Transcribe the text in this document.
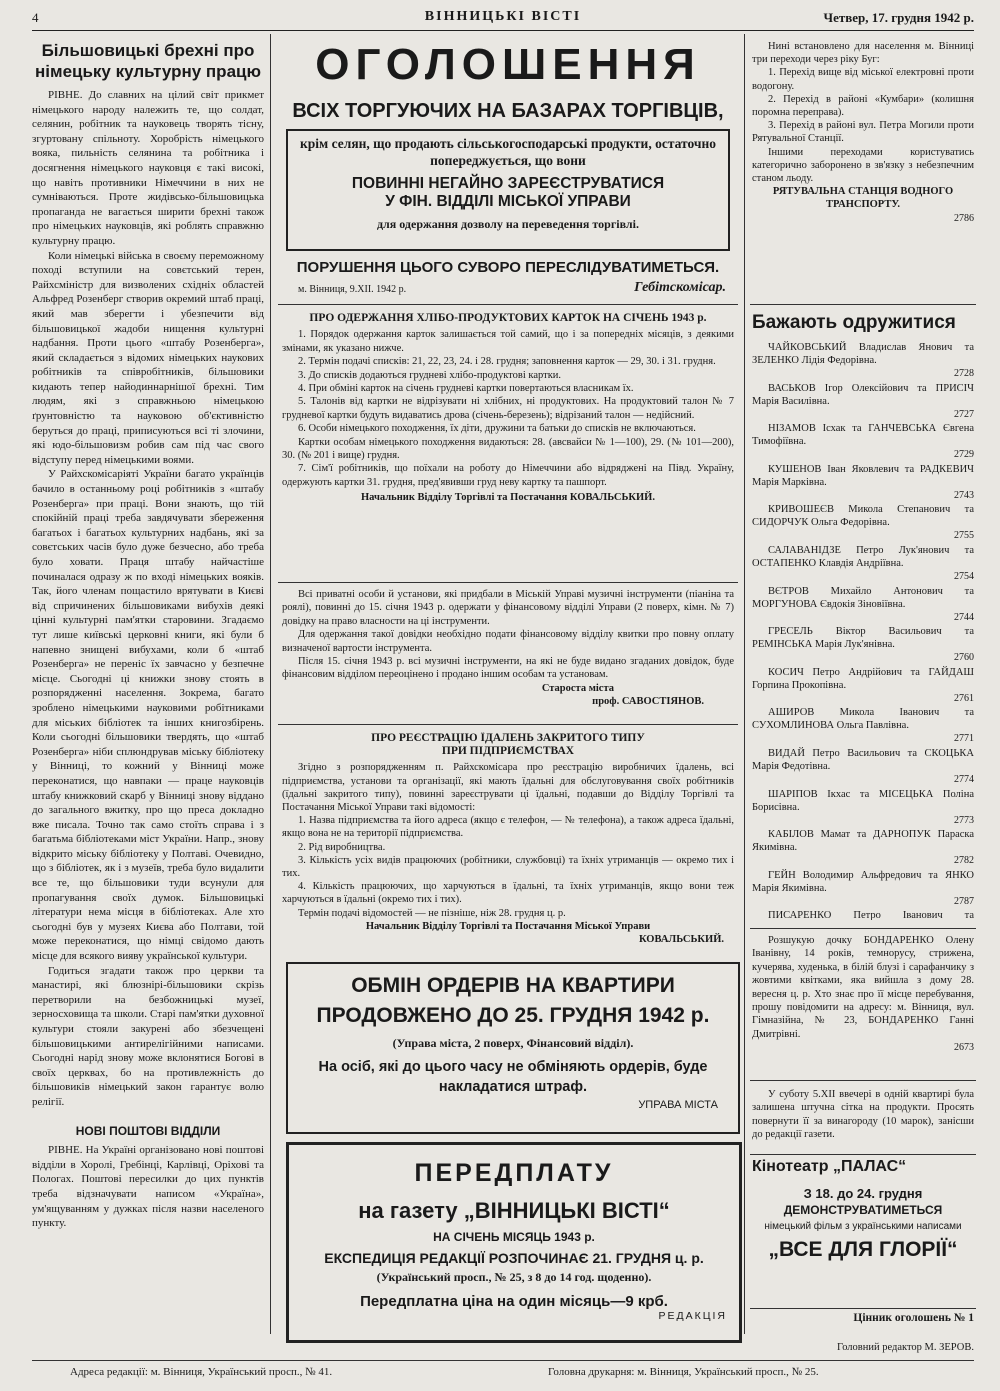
4	ВІННИЦЬКІ ВІСТІ	Четвер, 17. грудня 1942 р.
Більшовицькі брехні про німецьку культурну працю

РІВНЕ. До славних на цілий світ прикмет німецького народу належить те, що солдат, селянин, робітник та науковець творять тісну, згуртовану спільноту. Хоробрість німецького вояка, пильність селянина та робітника і досягнення німецького науковця є такі високі, що навіть противники Німеччини в них не сумніваються. Проте жидівсько-більшовицька пропаганда не вагається ширити брехні також про німецьких науковців, які роблять справжню культурну працю.

Коли німецькі війська в своєму переможному поході вступили на совєтський терен, Райхсміністр для визволених східніх областей Альфред Розенберг створив окремий штаб праці, який мав зберегти і убезпечити від більшовицької жадоби нищення культурні надбання. Проти цього «штабу Розенберга», який складається з відомих німецьких наукових робітників та співробітників, більшовики кидають тепер найодиннарнішої брехні. Тим людям, які з справжньою німецькою ґрунтовністю та науковою об'єктивністю беруться до праці, приписуються всі ті злочини, які юдо-більшовизм робив сам під час свого відступу перед німецькими воями.

У Райхскомісаріяті України багато українців бачило в останньому році робітників з «штабу Розенберга» при праці. Вони знають, що тій спокійній праці треба завдячувати збереження багатьох і багатьох культурних надбань, які за совєтських часів було дуже безчесно, або треба було ховати. Праця штабу найчастіше починалася одразу ж по вході німецьких вояків. Так, його членам пощастило врятувати в Києві від спричинених більшовиками вибухів деякі цінні культурні пам'ятки старовини. Згадаємо тут лише київські церковні книги, які були б напевно знищені вибухами, коли б «штаб Розенберга» не переніс їх завчасно у безпечне місце. Сьогодні ці книжки знову стоять в розпорядженні населення. Зокрема, багато зроблено німецькими науковими робітниками для міських бібліотек та інших книгозбірень. Коли сьогодні більшовики твердять, що «штаб Розенберга» ніби сплюндрував міську бібліотеку у Вінниці, то кожний у Вінниці може переконатися, що навпаки — праце науковців штабу книжковий скарб у Вінниці знову віддано до загального вжитку, про що преса докладно вже писала. Точно так само стоїть справа і з багатьма бібліотеками міст України. Напр., знову відкрито міську бібліотеку у Полтаві. Очевидно, що з бібліотек, як і з музеїв, треба було видалити все те, що більшовики туди всунули для пропагування своїх думок. Більшовицькі літератури нема місця в бібліотеках. Але хто сьогодні був у музеях Києва або Полтави, той може переконатися, що німці свідомо дають місце для всякого вияву української культури.

Годиться згадати також про церкви та манастирі, які блюзнірі-більшовики скрізь перетворили на безбожницькі музеї, зерносховища та школи. Старі пам'ятки духовної культури стояли закурені або збезчещені більшовицькими антирелігійними написами. Сьогодні нарід знову може вклонятися Богові в своїх церквах, бо на противлежність до більшовиків німецький закон гарантує волю релігії.

НОВІ ПОШТОВІ ВІДДІЛИ

РІВНЕ. На Україні організовано нові поштові відділи в Хоролі, Гребінці, Карлівці, Оріхові та Пологах. Поштові пересилки до цих пунктів треба відзначувати написом «Україна», ум'ящуванням у дужках після назви населеного пункту.

ОГОЛОШЕННЯ
ВСІХ ТОРГУЮЧИХ НА БАЗАРАХ ТОРГІВЦІВ,
крім селян, що продають сільськогосподарські продукти, остаточно попереджується, що вони
ПОВИННІ НЕГАЙНО ЗАРЕЄСТРУВАТИСЯ
У ФІН. ВІДДІЛІ МІСЬКОЇ УПРАВИ
для одержання дозволу на переведення торгівлі.
ПОРУШЕННЯ ЦЬОГО СУВОРО ПЕРЕСЛІДУВАТИМЕТЬСЯ.
м. Вінниця, 9.XII. 1942 р.	Гебітскомісар.
ПРО ОДЕРЖАННЯ ХЛІБО-ПРОДУКТОВИХ КАРТОК НА СІЧЕНЬ 1943 р.

1. Порядок одержання карток залишається той самий, що і за попередніх місяців, з деякими змінами, як указано нижче.

2. Термін подачі списків: 21, 22, 23, 24. і 28. грудня; заповнення карток — 29, 30. і 31. грудня.

3. До списків додаються грудневі хлібо-продуктові картки.

4. При обміні карток на січень грудневі картки повертаються власникам їх.

5. Талонів від картки не відрізувати ні хлібних, ні продуктових. На продуктовий талон № 7 грудневої картки будуть видаватись дрова (січень-березень); відрізаний талон — недійсний.

6. Особи німецького походження, їх діти, дружини та батьки до списків не включаються.

Картки особам німецького походження видаються: 28. (авсвайси № 1—100), 29. (№ 101—200), 30. (№ 201 і вище) грудня.

7. Сім'ї робітників, що поїхали на роботу до Німеччини або відряджені на Півд. Україну, одержують картки 31. грудня, пред'явивши груд неву картку та пашпорт.

Начальник Відділу Торгівлі та Постачання КОВАЛЬСЬКИЙ.

Всі приватні особи й установи, які придбали в Міській Управі музичні інструменти (піаніна та роялі), повинні до 15. січня 1943 р. одержати у фінансовому відділі Управи (2 поверх, кімн. № 7) довідку на право власности на ці інструменти.

Для одержання такої довідки необхідно подати фінансовому відділу квитки про повну оплату визначеної вартости інструмента.

Після 15. січня 1943 р. всі музичні інструменти, на які не буде видано згаданих довідок, буде фінансовим відділом переоцінено і продано іншим особам та установам.

Староста міста
проф. САВОСТІЯНОВ.
ПРО РЕЄСТРАЦІЮ ЇДАЛЕНЬ ЗАКРИТОГО ТИПУ ПРИ ПІДПРИЄМСТВАХ

Згідно з розпорядженням п. Райхскомісара про реєстрацію виробничих їдалень, всі підприємства, установи та організації, які мають їдальні для обслуговування своїх робітників (їдальні закритого типу), повинні зареєструвати ці їдальні, подавши до Відділу Торгівлі та Постачання Міської Управи такі відомості:

1. Назва підприємства та його адреса (якщо є телефон, — № телефона), а також адреса їдальні, якщо вона не на території підприємства.

2. Рід виробництва.

3. Кількість усіх видів працюючих (робітники, службовці) та їхніх утриманців — окремо тих і тих.

4. Кількість працюючих, що харчуються в їдальні, та їхніх утриманців, якщо вони теж харчуються в їдальні (окремо тих і тих).

Термін подачі відомостей — не пізніше, ніж 28. грудня ц. р.

Начальник Відділу Торгівлі та Постачання Міської Управи
КОВАЛЬСЬКИЙ.
ОБМІН ОРДЕРІВ НА КВАРТИРИ
ПРОДОВЖЕНО ДО 25. ГРУДНЯ 1942 р.
(Управа міста, 2 поверх, Фінансовий відділ).
На осіб, які до цього часу не обміняють ордерів, буде накладатися штраф.
УПРАВА МІСТА
ПЕРЕДПЛАТУ
на газету „ВІННИЦЬКІ ВІСТІ“
НА СІЧЕНЬ МІСЯЦЬ 1943 р.
ЕКСПЕДИЦІЯ РЕДАКЦІЇ РОЗПОЧИНАЄ 21. ГРУДНЯ ц. р.
(Український просп., № 25, з 8 до 14 год. щоденно).
Передплатна ціна на один місяць—9 крб.
РЕДАКЦІЯ

Нині встановлено для населення м. Вінниці три переходи через ріку Буг:

1. Перехід вище від міської електровні проти водогону.

2. Перехід в районі «Кумбари» (колишня поромна переправа).

3. Перехід в районі вул. Петра Могили проти Рятувальної Станції.

Іншими переходами користуватись категорично заборонено в зв'язку з небезпечним станом льоду.

РЯТУВАЛЬНА СТАНЦІЯ ВОДНОГО ТРАНСПОРТУ.
2786
Бажають одружитися

ЧАЙКОВСЬКИЙ Владислав Янович та ЗЕЛЕНКО Лідія Федорівна.

2728

ВАСЬКОВ Ігор Олексійович та ПРИСІЧ Марія Василівна.

2727

НІЗАМОВ Ісхак та ГАНЧЕВСЬКА Євгена Тимофіївна.

2729

КУШЕНОВ Іван Яковлевич та РАДКЕВИЧ Марія Марківна.

2743

КРИВОШЕЄВ Микола Степанович та СИДОРЧУК Ольга Федорівна.

2755

САЛАВАНІДЗЕ Петро Лук'янович та ОСТАПЕНКО Клавдія Андріївна.

2754

ВЄТРОВ Михайло Антонович та МОРГУНОВА Євдокія Зіновіївна.

2744

ГРЕСЕЛЬ Віктор Васильович та РЕМІНСЬКА Марія Лук'янівна.

2760

КОСИЧ Петро Андрійович та ГАЙДАШ Горпина Прокопівна.

2761

АШИРОВ Микола Іванович та СУХОМЛИНОВА Ольга Павлівна.

2771

ВИДАЙ Петро Васильович та СКОЦЬКА Марія Федотівна.

2774

ШАРІПОВ Ікхас та МІСЕЦЬКА Поліна Борисівна.

2773

КАБІЛОВ Мамат та ДАРНОПУК Параска Якимівна.

2782

ГЕЙН Володимир Альфредович та ЯНКО Марія Якимівна.

2787

ПИСАРЕНКО Петро Іванович та

Розшукую дочку БОНДАРЕНКО Олену Іванівну, 14 років, темнорусу, стрижена, кучерява, худенька, в білій блузі і сарафанчику з жовтими квітками, яка вийшла з дому 28. вересня ц. р. Хто знає про її місце перебування, прошу повідомити на адресу: м. Вінниця, вул. Гімназійна, № 23, БОНДАРЕНКО Ганні Дмитрівні.

2673

У суботу 5.XII ввечері в одній квартирі була залишена штучна сітка на продукти. Просять повернути її за винагороду (10 марок), занісши до редакції газети.

Кінотеатр „ПАЛАС“
З 18. до 24. грудня
ДЕМОНСТРУВАТИМЕТЬСЯ
німецький фільм з українськими написами
„ВСЕ ДЛЯ ГЛОРІЇ“
Цінник оголошень № 1
Головний редактор М. ЗЕРОВ.
Адреса редакції: м. Вінниця, Український просп., № 41.	Головна друкарня: м. Вінниця, Український просп., № 25.
